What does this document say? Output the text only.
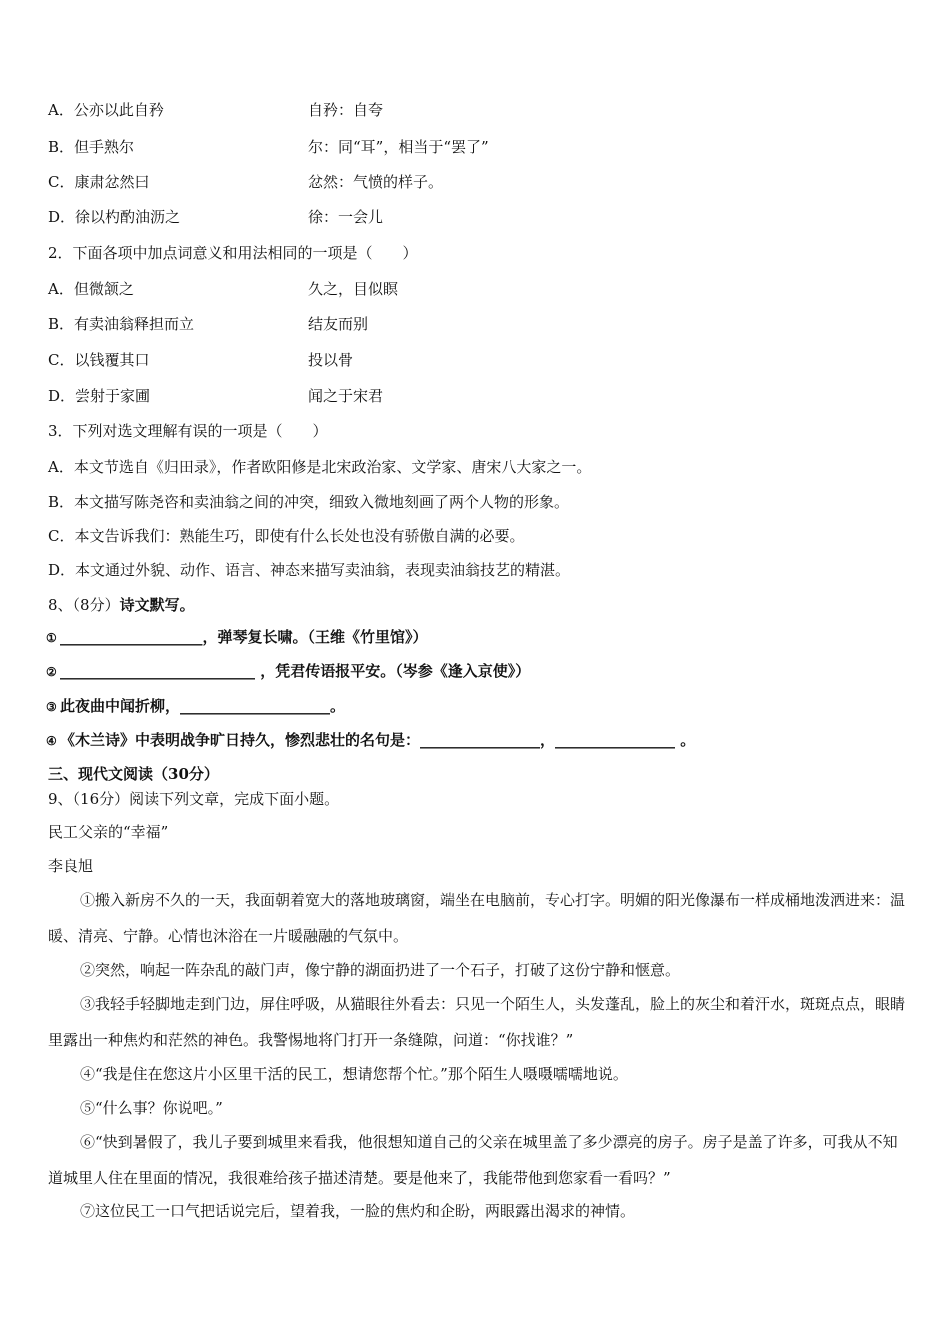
A．公亦以此自矜	自矜：自夸
B．但手熟尔	尔：同“耳”，相当于“罢了”
C．康肃忿然曰	忿然：气愤的样子。
D．徐以杓酌油沥之	徐：一会儿
2．下面各项中加点词意义和用法相同的一项是（　　）
A．但微颔之	久之，目似瞑
B．有卖油翁释担而立	结友而别
C．以钱覆其口	投以骨
D．尝射于家圃	闻之于宋君
3．下列对选文理解有误的一项是（　　）
A．本文节选自《归田录》，作者欧阳修是北宋政治家、文学家、唐宋八大家之一。
B．本文描写陈尧咨和卖油翁之间的冲突，细致入微地刻画了两个人物的形象。
C．本文告诉我们：熟能生巧，即使有什么长处也没有骄傲自满的必要。
D．本文通过外貌、动作、语言、神态来描写卖油翁，表现卖油翁技艺的精湛。
8、（8分）诗文默写。
① ___________________，弹琴复长啸。（王维《竹里馆》）
② __________________________ ，凭君传语报平安。（岑参《逢入京使》）
③ 此夜曲中闻折柳，____________________。
④ 《木兰诗》中表明战争旷日持久，惨烈悲壮的名句是：________________，________________ 。
三、现代文阅读（30分）
9、（16分）阅读下列文章，完成下面小题。
民工父亲的“幸福”
李良旭
①搬入新房不久的一天，我面朝着宽大的落地玻璃窗，端坐在电脑前，专心打字。明媚的阳光像瀑布一样成桶地泼洒进来：温暖、清亮、宁静。心情也沐浴在一片暖融融的气氛中。
②突然，响起一阵杂乱的敲门声，像宁静的湖面扔进了一个石子，打破了这份宁静和惬意。
③我轻手轻脚地走到门边，屏住呼吸，从猫眼往外看去：只见一个陌生人，头发蓬乱，脸上的灰尘和着汗水，斑斑点点，眼睛里露出一种焦灼和茫然的神色。我警惕地将门打开一条缝隙，问道：“你找谁？”
④“我是住在您这片小区里干活的民工，想请您帮个忙。”那个陌生人嗫嗫嚅嚅地说。
⑤“什么事？你说吧。”
⑥“快到暑假了，我儿子要到城里来看我，他很想知道自己的父亲在城里盖了多少漂亮的房子。房子是盖了许多，可我从不知道城里人住在里面的情况，我很难给孩子描述清楚。要是他来了，我能带他到您家看一看吗？”
⑦这位民工一口气把话说完后，望着我，一脸的焦灼和企盼，两眼露出渴求的神情。
